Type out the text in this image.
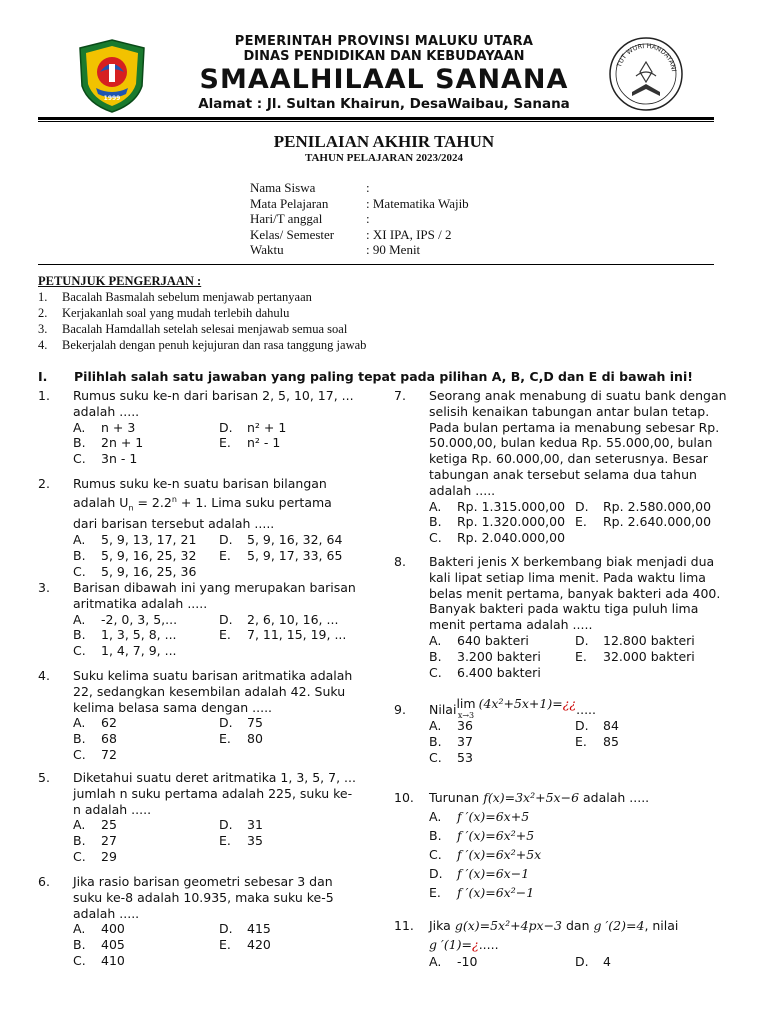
1999
TUT WURI HANDAYANI
PEMERINTAH PROVINSI MALUKU UTARA
DINAS PENDIDIKAN DAN KEBUDAYAAN
SMAALHILAAL SANANA
Alamat : Jl. Sultan Khairun, DesaWaibau, Sanana
PENILAIAN AKHIR TAHUN
TAHUN PELAJARAN 2023/2024
Nama Siswa	:
Mata Pelajaran	: Matematika Wajib
Hari/T anggal	:
Kelas/ Semester	: XI IPA, IPS / 2
Waktu	: 90 Menit
PETUNJUK PENGERJAAN :
1.	Bacalah Basmalah sebelum menjawab pertanyaan
2.	Kerjakanlah soal yang mudah terlebih dahulu
3.	Bacalah Hamdallah setelah selesai menjawab semua soal
4.	Bekerjalah dengan penuh kejujuran dan rasa tanggung jawab
I.	Pilihlah salah satu jawaban yang paling tepat pada pilihan A, B, C,D dan E di bawah ini!
1.	Rumus suku ke-n dari barisan 2, 5, 10, 17, ... adalah .....
A.	n + 3	D.	n² + 1
B.	2n + 1	E.	n² - 1
C.	3n - 1
2.	Rumus suku ke-n suatu barisan bilangan adalah $U_n = 2.2^n + 1$. Lima suku pertama dari barisan tersebut adalah .....
A.	5, 9, 13, 17, 21 D.	5, 9, 16, 32, 64
B.	5, 9, 16, 25, 32 E.	5, 9, 17, 33, 65
C.	5, 9, 16, 25, 36
3.	Barisan dibawah ini yang merupakan barisan aritmatika adalah .....
A.	-2, 0, 3, 5,...	D.	2, 6, 10, 16, ...
B.	1, 3, 5, 8, ...	E.	7, 11, 15, 19, ...
C.	1, 4, 7, 9, ...
4.	Suku kelima suatu barisan aritmatika adalah 22, sedangkan kesembilan adalah 42. Suku kelima belasa sama dengan .....
A.	62	D.	75
B.	68	E.	80
C.	72
5.	Diketahui suatu deret aritmatika 1, 3, 5, 7, ... jumlah n suku pertama adalah 225, suku ke-n adalah .....
A.	25	D.	31
B.	27	E.	35
C.	29
6.	Jika rasio barisan geometri sebesar 3 dan suku ke-8 adalah 10.935, maka suku ke-5 adalah .....
A.	400	D.	415
B.	405	E.	420
C.	410
7.	Seorang anak menabung di suatu bank dengan selisih kenaikan tabungan antar bulan tetap. Pada bulan pertama ia menabung sebesar Rp. 50.000,00, bulan kedua Rp. 55.000,00, bulan ketiga Rp. 60.000,00, dan seterusnya. Besar tabungan anak tersebut selama dua tahun adalah .....
A.	Rp. 1.315.000,00 D.	Rp. 2.580.000,00
B.	Rp. 1.320.000,00 E.	Rp. 2.640.000,00
C.	Rp. 2.040.000,00
8.	Bakteri jenis X berkembang biak menjadi dua kali lipat setiap lima menit. Pada waktu lima belas menit pertama, banyak bakteri ada 400. Banyak bakteri pada waktu tiga puluh lima menit pertama adalah .....
A.	640 bakteri	D.	12.800 bakteri
B.	3.200 bakteri	E.	32.000 bakteri
C.	6.400 bakteri
9.	Nilai lim
x→3
(4x²+5x+1)= ¿¿ .....
A.	36	D.	84
B.	37	E.	85
C.	53
10.	Turunan f(x)=3x²+5x−6 adalah .....
A.	f ′(x)=6x+5
B.	f ′(x)=6x²+5
C.	f ′(x)=6x²+5x
D.	f ′(x)=6x−1
E.	f ′(x)=6x²−1
11.	Jika g(x)=5x²+4px−3 dan g ′(2)=4, nilai
g ′(1)=¿.....
A.	-10	D.	4
